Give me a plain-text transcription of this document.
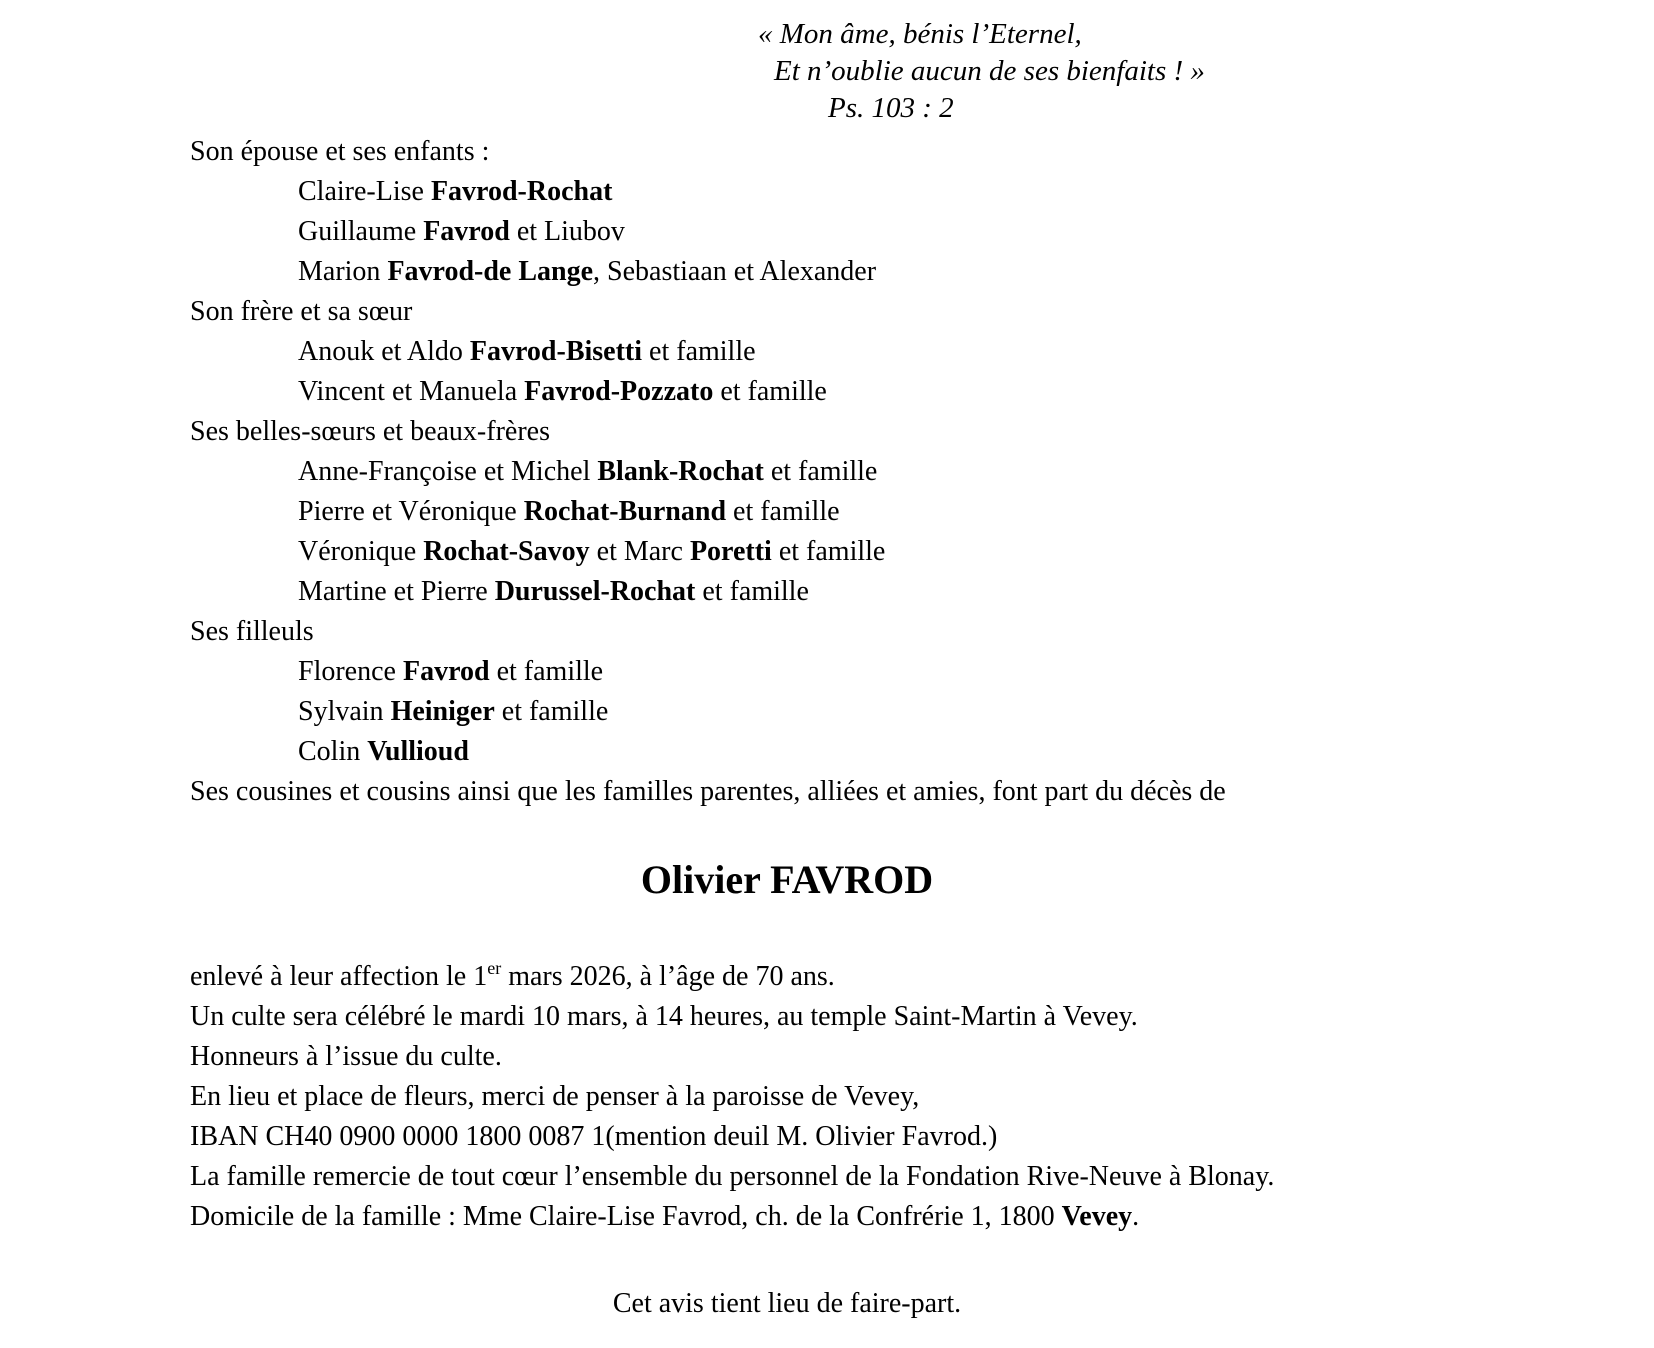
« Mon âme, bénis l’Eternel,
Et n’oublie aucun de ses bienfaits ! »
Ps. 103 : 2
Son épouse et ses enfants :
Claire-Lise Favrod-Rochat
Guillaume Favrod et Liubov
Marion Favrod-de Lange, Sebastiaan et Alexander
Son frère et sa sœur
Anouk et Aldo Favrod-Bisetti et famille
Vincent et Manuela Favrod-Pozzato et famille
Ses belles-sœurs et beaux-frères
Anne-Françoise et Michel Blank-Rochat et famille
Pierre et Véronique Rochat-Burnand et famille
Véronique Rochat-Savoy et Marc Poretti et famille
Martine et Pierre Durussel-Rochat et famille
Ses filleuls
Florence Favrod et famille
Sylvain Heiniger et famille
Colin Vullioud
Ses cousines et cousins ainsi que les familles parentes, alliées et amies, font part du décès de
Olivier FAVROD
enlevé à leur affection le 1er mars 2026, à l’âge de 70 ans.
Un culte sera célébré le mardi 10 mars, à 14 heures, au temple Saint-Martin à Vevey.
Honneurs à l’issue du culte.
En lieu et place de fleurs, merci de penser à la paroisse de Vevey,
IBAN CH40 0900 0000 1800 0087 1(mention deuil M. Olivier Favrod.)
La famille remercie de tout cœur l’ensemble du personnel de la Fondation Rive-Neuve à Blonay.
Domicile de la famille : Mme Claire-Lise Favrod, ch. de la Confrérie 1, 1800 Vevey.
Cet avis tient lieu de faire-part.
